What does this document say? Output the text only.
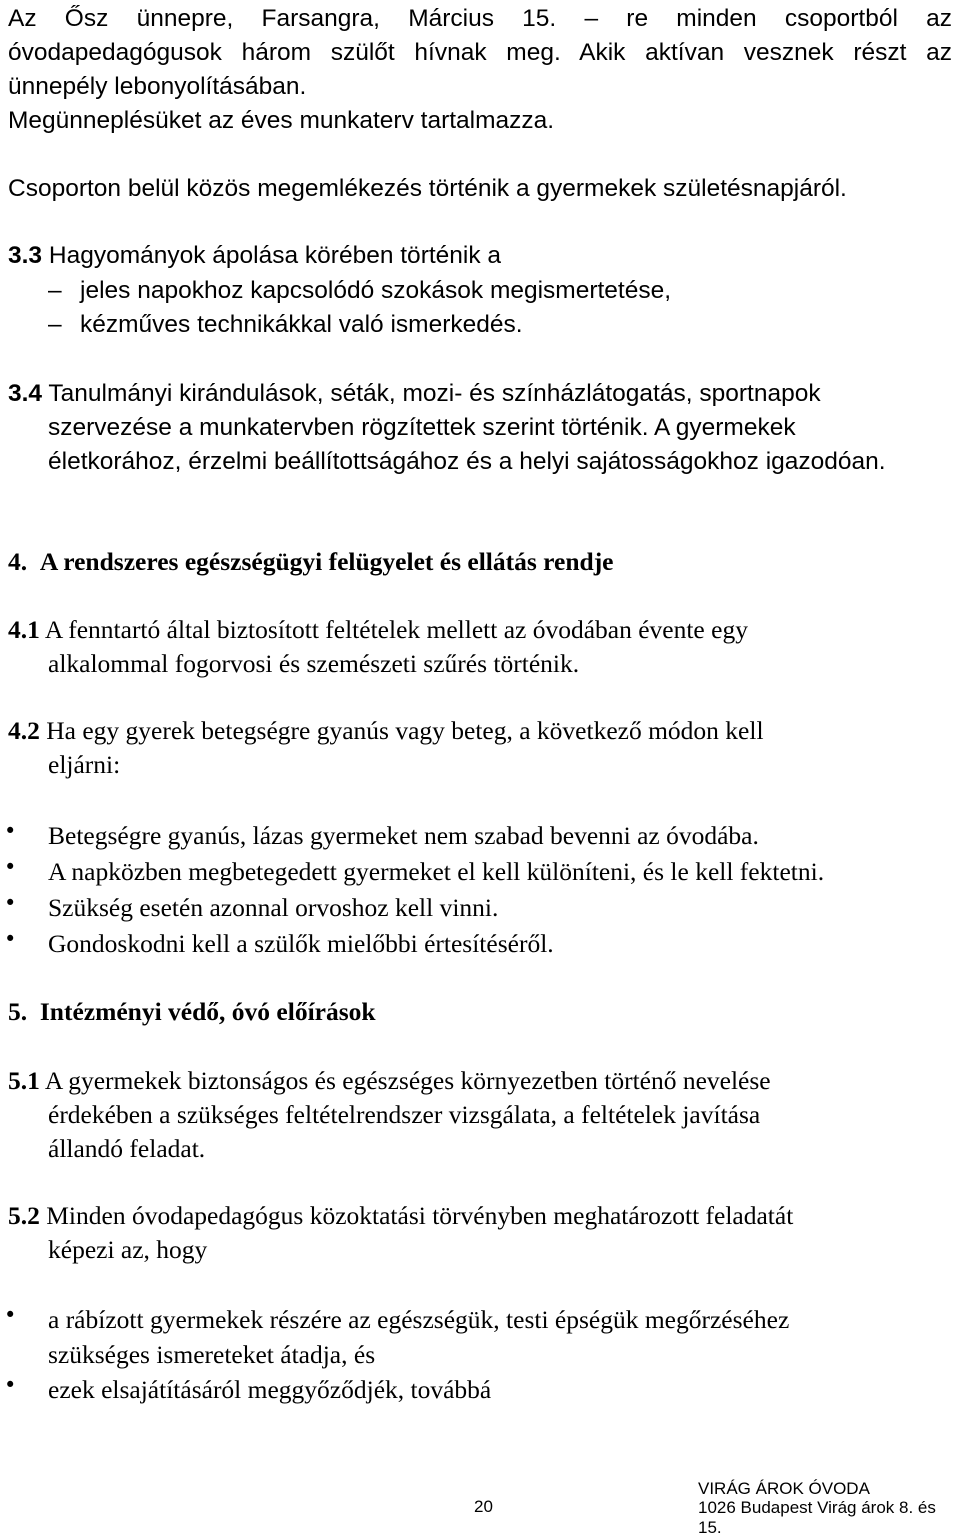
Az Ősz ünnepre, Farsangra, Március 15. – re minden csoportból az
óvodapedagógusok három szülőt hívnak meg. Akik aktívan vesznek részt az
ünnepély lebonyolításában.
Megünneplésüket az éves munkaterv tartalmazza.
Csoporton belül közös megemlékezés történik a gyermekek születésnapjáról.
3.3 Hagyományok ápolása körében történik a
– jeles napokhoz kapcsolódó szokások megismertetése,
– kézműves technikákkal való ismerkedés.
3.4 Tanulmányi kirándulások, séták, mozi- és színházlátogatás, sportnapok
szervezése a munkatervben rögzítettek szerint történik. A gyermekek
életkorához, érzelmi beállítottságához és a helyi sajátosságokhoz igazodóan.
4. A rendszeres egészségügyi felügyelet és ellátás rendje
4.1 A fenntartó által biztosított feltételek mellett az óvodában évente egy
alkalommal fogorvosi és szemészeti szűrés történik.
4.2 Ha egy gyerek betegségre gyanús vagy beteg, a következő módon kell
eljárni:
• Betegségre gyanús, lázas gyermeket nem szabad bevenni az óvodába.
• A napközben megbetegedett gyermeket el kell különíteni, és le kell fektetni.
• Szükség esetén azonnal orvoshoz kell vinni.
• Gondoskodni kell a szülők mielőbbi értesítéséről.
5. Intézményi védő, óvó előírások
5.1 A gyermekek biztonságos és egészséges környezetben történő nevelése
érdekében a szükséges feltételrendszer vizsgálata, a feltételek javítása
állandó feladat.
5.2 Minden óvodapedagógus közoktatási törvényben meghatározott feladatát
képezi az, hogy
• a rábízott gyermekek részére az egészségük, testi épségük megőrzéséhez
szükséges ismereteket átadja, és
• ezek elsajátításáról meggyőződjék, továbbá
20
VIRÁG ÁROK ÓVODA
1026 Budapest Virág árok 8. és 15.
